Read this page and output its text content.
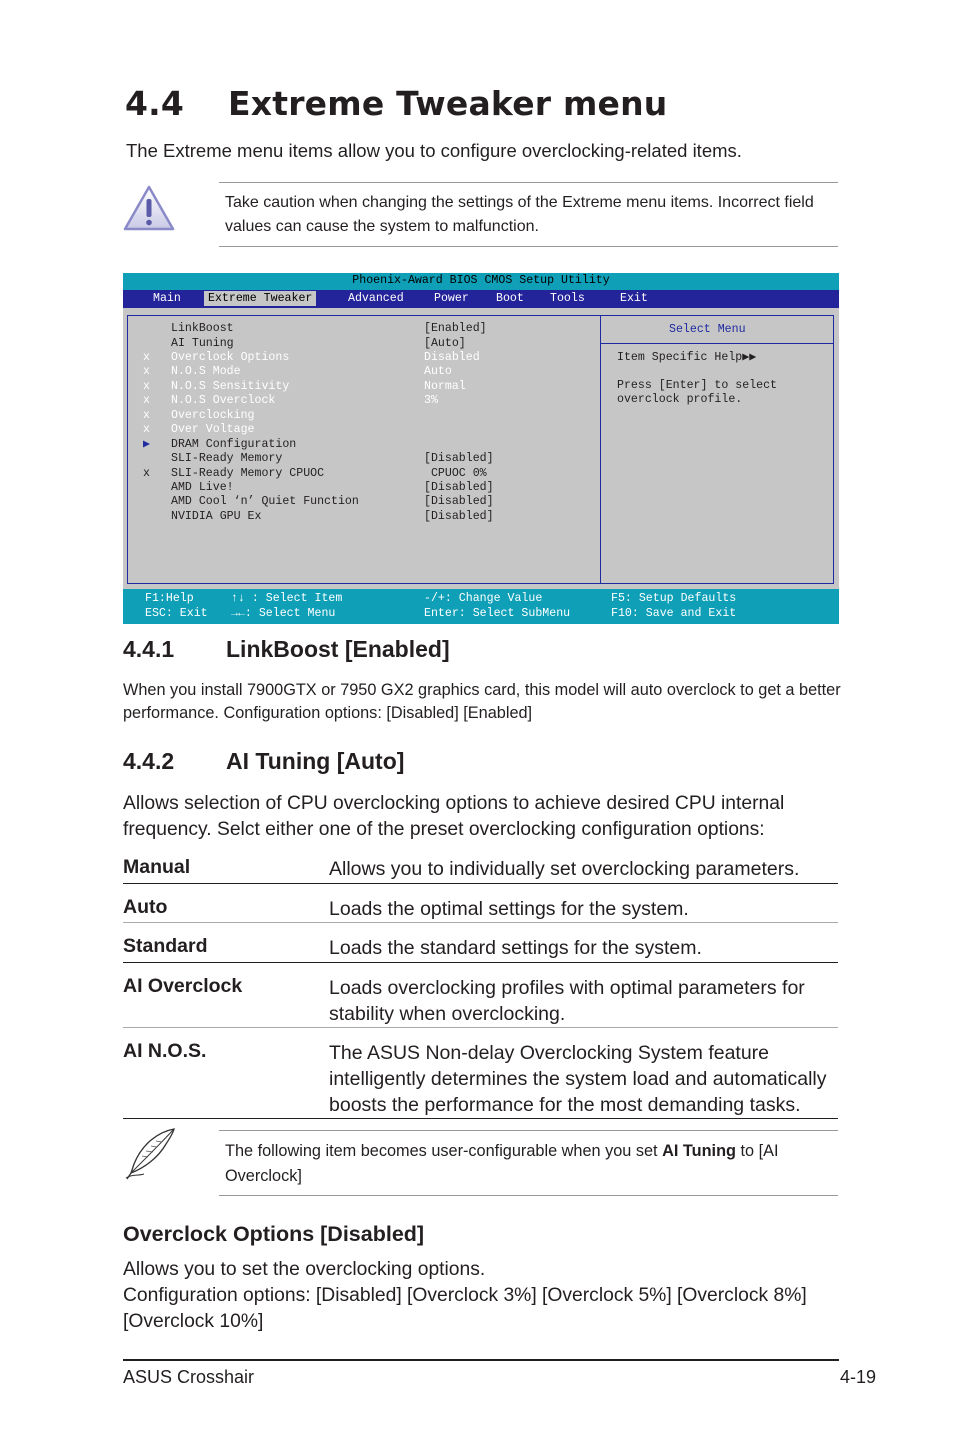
4.4 Extreme Tweaker menu
The Extreme menu items allow you to configure overclocking-related items.
Take caution when changing the settings of the Extreme menu items. Incorrect field values can cause the system to malfunction.
Phoenix-Award BIOS CMOS Setup Utility
Main	Extreme Tweaker	Advanced	Power Boot Tools	Exit
LinkBoost	[Enabled]
AI Tuning	[Auto]
x Overclock Options	Disabled
x N.O.S Mode	Auto
x N.O.S Sensitivity	Normal
x N.O.S Overclock	3%
x Overclocking
x Over Voltage
▶ DRAM Configuration
SLI-Ready Memory	[Disabled]
x SLI-Ready Memory CPUOC	CPUOC 0%
AMD Live!	[Disabled]
AMD Cool ‘n’ Quiet Function	[Disabled]
NVIDIA GPU Ex	[Disabled]
Select Menu
Item Specific Help▶▶
Press [Enter] to select
overclock profile.
F1:Help
ESC: Exit
↑↓ : Select Item
→←: Select Menu
-/+: Change Value
Enter: Select SubMenu
F5: Setup Defaults
F10: Save and Exit
4.4.1 LinkBoost [Enabled]
When you install 7900GTX or 7950 GX2 graphics card, this model will auto overclock to get a better performance. Configuration options: [Disabled] [Enabled]
4.4.2 AI Tuning [Auto]
Allows selection of CPU overclocking options to achieve desired CPU internal frequency. Selct either one of the preset overclocking configuration options:
Manual	Allows you to individually set overclocking parameters.
Auto	Loads the optimal settings for the system.
Standard	Loads the standard settings for the system.
AI Overclock	Loads overclocking profiles with optimal parameters for stability when overclocking.
AI N.O.S.	The ASUS Non-delay Overclocking System feature intelligently determines the system load and automatically boosts the performance for the most demanding tasks.
The following item becomes user-configurable when you set AI Tuning to [AI Overclock]
Overclock Options [Disabled]
Allows you to set the overclocking options.
Configuration options: [Disabled] [Overclock 3%] [Overclock 5%] [Overclock 8%] [Overclock 10%]
ASUS Crosshair	4-19
